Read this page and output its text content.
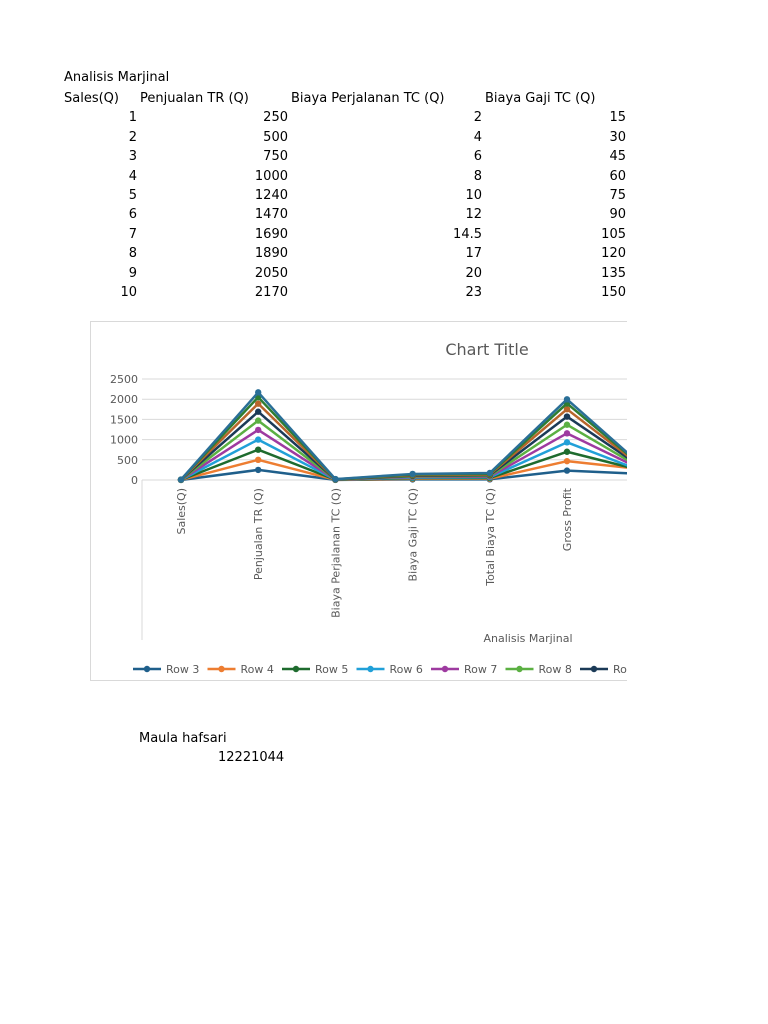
Analisis Marjinal
Sales(Q)	Penjualan TR (Q)	Biaya Perjalanan TC (Q)	Biaya Gaji TC (Q)
1	250	2	15
2	500	4	30
3	750	6	45
4	1000	8	60
5	1240	10	75
6	1470	12	90
7	1690	14.5	105
8	1890	17	120
9	2050	20	135
10	2170	23	150
Chart Title
0
500
1000
1500
2000
2500
Sales(Q)	Penjualan TR (Q)	Biaya Perjalanan TC (Q)	Biaya Gaji TC (Q)	Total Biaya TC (Q)	Gross Profit
Analisis Marjinal
Row 3	Row 4	Row 5	Row 6	Row 7	Row 8	Ro
Maula hafsari
12221044
